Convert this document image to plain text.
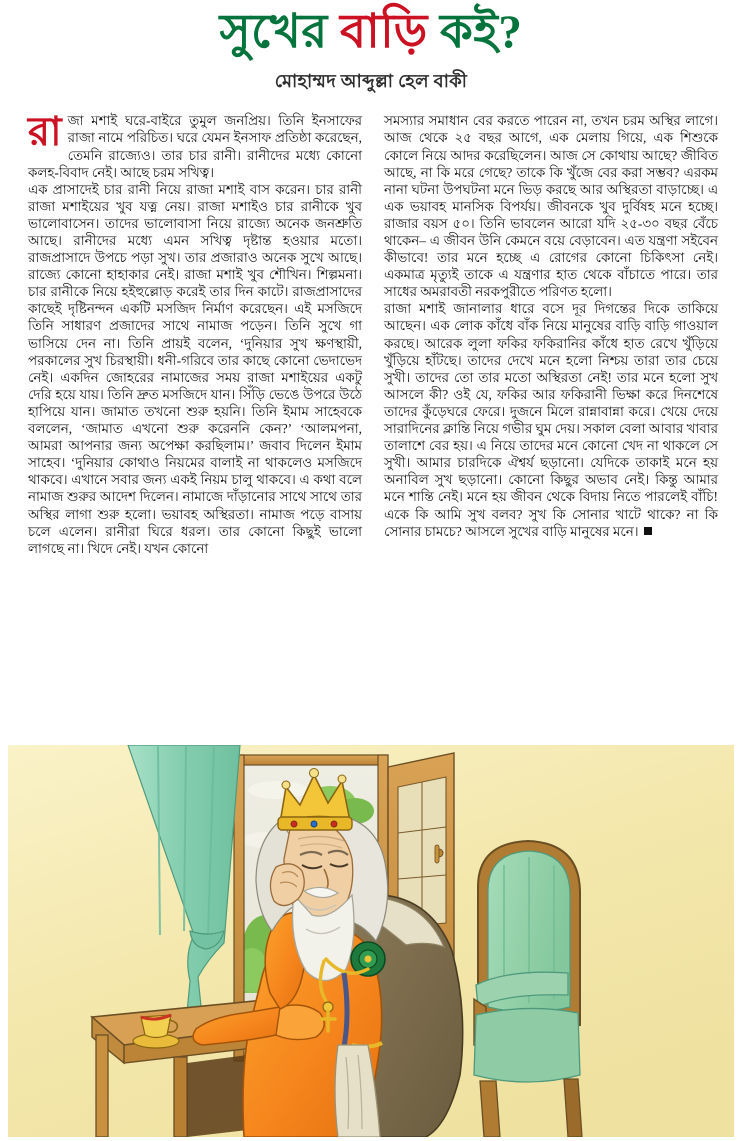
সুখের বাড়ি কই?

মোহাম্মদ আব্দুল্লা হেল বাকী

রাজা মশাই ঘরে-বাইরে তুমুল জনপ্রিয়। তিনি ইনসাফের রাজা নামে পরিচিত। ঘরে যেমন ইনসাফ প্রতিষ্ঠা করেছেন, তেমনি রাজ্যেও। তার চার রানী। রানীদের মধ্যে কোনো কলহ-বিবাদ নেই। আছে চরম সখিত্ব।

এক প্রাসাদেই চার রানী নিয়ে রাজা মশাই বাস করেন। চার রানী রাজা মশাইয়ের খুব যত্ন নেয়। রাজা মশাইও চার রানীকে খুব ভালোবাসেন। তাদের ভালোবাসা নিয়ে রাজ্যে অনেক জনশ্রুতি আছে। রানীদের মধ্যে এমন সখিত্ব দৃষ্টান্ত হওয়ার মতো। রাজপ্রাসাদে উপচে পড়া সুখ। তার প্রজারাও অনেক সুখে আছে। রাজ্যে কোনো হাহাকার নেই। রাজা মশাই খুব শৌখিন। শিল্পমনা। চার রানীকে নিয়ে হইহুল্লোড় করেই তার দিন কাটে। রাজপ্রাসাদের কাছেই দৃষ্টিনন্দন একটি মসজিদ নির্মাণ করেছেন। এই মসজিদে তিনি সাধারণ প্রজাদের সাথে নামাজ পড়েন। তিনি সুখে গা ভাসিয়ে দেন না। তিনি প্রায়ই বলেন, ‘দুনিয়ার সুখ ক্ষণস্থায়ী, পরকালের সুখ চিরস্থায়ী। ধনী-গরিবে তার কাছে কোনো ভেদাভেদ নেই। একদিন জোহরের নামাজের সময় রাজা মশাইয়ের একটু দেরি হয়ে যায়। তিনি দ্রুত মসজিদে যান। সিঁড়ি ভেঙে উপরে উঠে হাপিয়ে যান। জামাত তখনো শুরু হয়নি। তিনি ইমাম সাহেবকে বললেন, ‘জামাত এখনো শুরু করেননি কেন?’ ‘আলমপনা, আমরা আপনার জন্য অপেক্ষা করছিলাম।’ জবাব দিলেন ইমাম সাহেব। ‘দুনিয়ার কোথাও নিয়মের বালাই না থাকলেও মসজিদে থাকবে। এখানে সবার জন্য একই নিয়ম চালু থাকবে। এ কথা বলে নামাজ শুরুর আদেশ দিলেন। নামাজে দাঁড়ানোর সাথে সাথে তার অস্থির লাগা শুরু হলো। ভয়াবহ অস্থিরতা। নামাজ পড়ে বাসায় চলে এলেন। রানীরা ঘিরে ধরল। তার কোনো কিছুই ভালো লাগছে না। খিদে নেই। যখন কোনো

সমস্যার সমাধান বের করতে পারেন না, তখন চরম অস্থির লাগে। আজ থেকে ২৫ বছর আগে, এক মেলায় গিয়ে, এক শিশুকে কোলে নিয়ে আদর করেছিলেন। আজ সে কোথায় আছে? জীবিত আছে, না কি মরে গেছে? তাকে কি খুঁজে বের করা সম্ভব? এরকম নানা ঘটনা উপঘটনা মনে ভিড় করছে আর অস্থিরতা বাড়াচ্ছে। এ এক ভয়াবহ মানসিক বিপর্যয়। জীবনকে খুব দুর্বিষহ মনে হচ্ছে। রাজার বয়স ৫০। তিনি ভাবলেন আরো যদি ২৫-৩০ বছর বেঁচে থাকেন– এ জীবন উনি কেমনে বয়ে বেড়াবেন। এত যন্ত্রণা সইবেন কীভাবে! তার মনে হচ্ছে এ রোগের কোনো চিকিৎসা নেই। একমাত্র মৃত্যুই তাকে এ যন্ত্রণার হাত থেকে বাঁচাতে পারে। তার সাধের অমরাবতী নরকপুরীতে পরিণত হলো।

রাজা মশাই জানালার ধারে বসে দূর দিগন্তের দিকে তাকিয়ে আছেন। এক লোক কাঁধে বাঁক নিয়ে মানুষের বাড়ি বাড়ি গাওয়াল করছে। আরেক লুলা ফকির ফকিরানির কাঁধে হাত রেখে খুঁড়িয়ে খুঁড়িয়ে হাঁটছে। তাদের দেখে মনে হলো নিশ্চয় তারা তার চেয়ে সুখী। তাদের তো তার মতো অস্থিরতা নেই! তার মনে হলো সুখ আসলে কী? ওই যে, ফকির আর ফকিরানী ভিক্ষা করে দিনশেষে তাদের কুঁড়েঘরে ফেরে। দুজনে মিলে রান্নাবান্না করে। খেয়ে দেয়ে সারাদিনের ক্লান্তি নিয়ে গভীর ঘুম দেয়। সকাল বেলা আবার খাবার তালাশে বের হয়। এ নিয়ে তাদের মনে কোনো খেদ না থাকলে সে সুখী। আমার চারদিকে ঐশ্বর্য ছড়ানো। যেদিকে তাকাই মনে হয় অনাবিল সুখ ছড়ানো। কোনো কিছুর অভাব নেই। কিন্তু আমার মনে শান্তি নেই। মনে হয় জীবন থেকে বিদায় নিতে পারলেই বাঁচি! একে কি আমি সুখ বলব? সুখ কি সোনার খাটে থাকে? না কি সোনার চামচে? আসলে সুখের বাড়ি মানুষের মনে।
